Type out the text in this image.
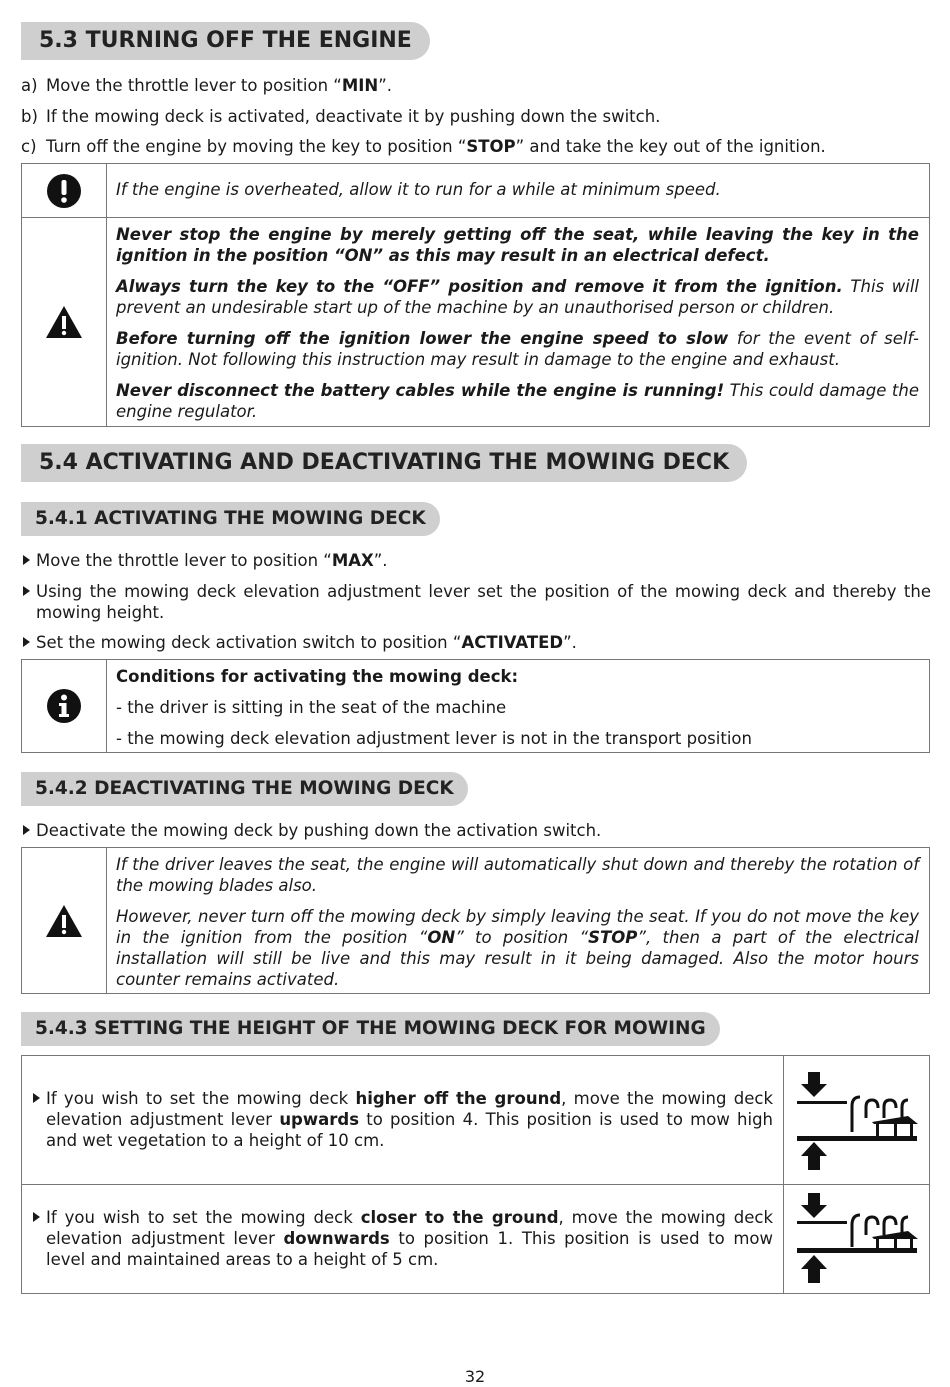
5.3 TURNING OFF THE ENGINE
a) Move the throttle lever to position “MIN”.
b) If the mowing deck is activated, deactivate it by pushing down the switch.
c) Turn off the engine by moving the key to position “STOP” and take the key out of the ignition.
If the engine is overheated, allow it to run for a while at minimum speed.

Never stop the engine by merely getting off the seat, while leaving the key in the ignition in the position “ON” as this may result in an electrical defect.

Always turn the key to the “OFF” position and remove it from the ignition. This will prevent an undesirable start up of the machine by an unauthorised person or children.

Before turning off the ignition lower the engine speed to slow for the event of self-ignition. Not following this instruction may result in damage to the engine and exhaust.

Never disconnect the battery cables while the engine is running! This could damage the engine regulator.

5.4 ACTIVATING AND DEACTIVATING THE MOWING DECK
5.4.1 ACTIVATING THE MOWING DECK
Move the throttle lever to position “MAX”.
Using the mowing deck elevation adjustment lever set the position of the mowing deck and thereby the mowing height.
Set the mowing deck activation switch to position “ACTIVATED”.

Conditions for activating the mowing deck:

- the driver is sitting in the seat of the machine

- the mowing deck elevation adjustment lever is not in the transport position

5.4.2 DEACTIVATING THE MOWING DECK
Deactivate the mowing deck by pushing down the activation switch.

If the driver leaves the seat, the engine will automatically shut down and thereby the rotation of the mowing blades also.

However, never turn off the mowing deck by simply leaving the seat. If you do not move the key in the ignition from the position “ON” to position “STOP”, then a part of the electrical installation will still be live and this may result in it being damaged. Also the motor hours counter remains activated.

5.4.3 SETTING THE HEIGHT OF THE MOWING DECK FOR MOWING
If you wish to set the mowing deck higher off the ground, move the mowing deck elevation adjustment lever upwards to position 4. This position is used to mow high and wet vegetation to a height of 10 cm.
If you wish to set the mowing deck closer to the ground, move the mowing deck elevation adjustment lever downwards to position 1. This position is used to mow level and maintained areas to a height of 5 cm.
32
